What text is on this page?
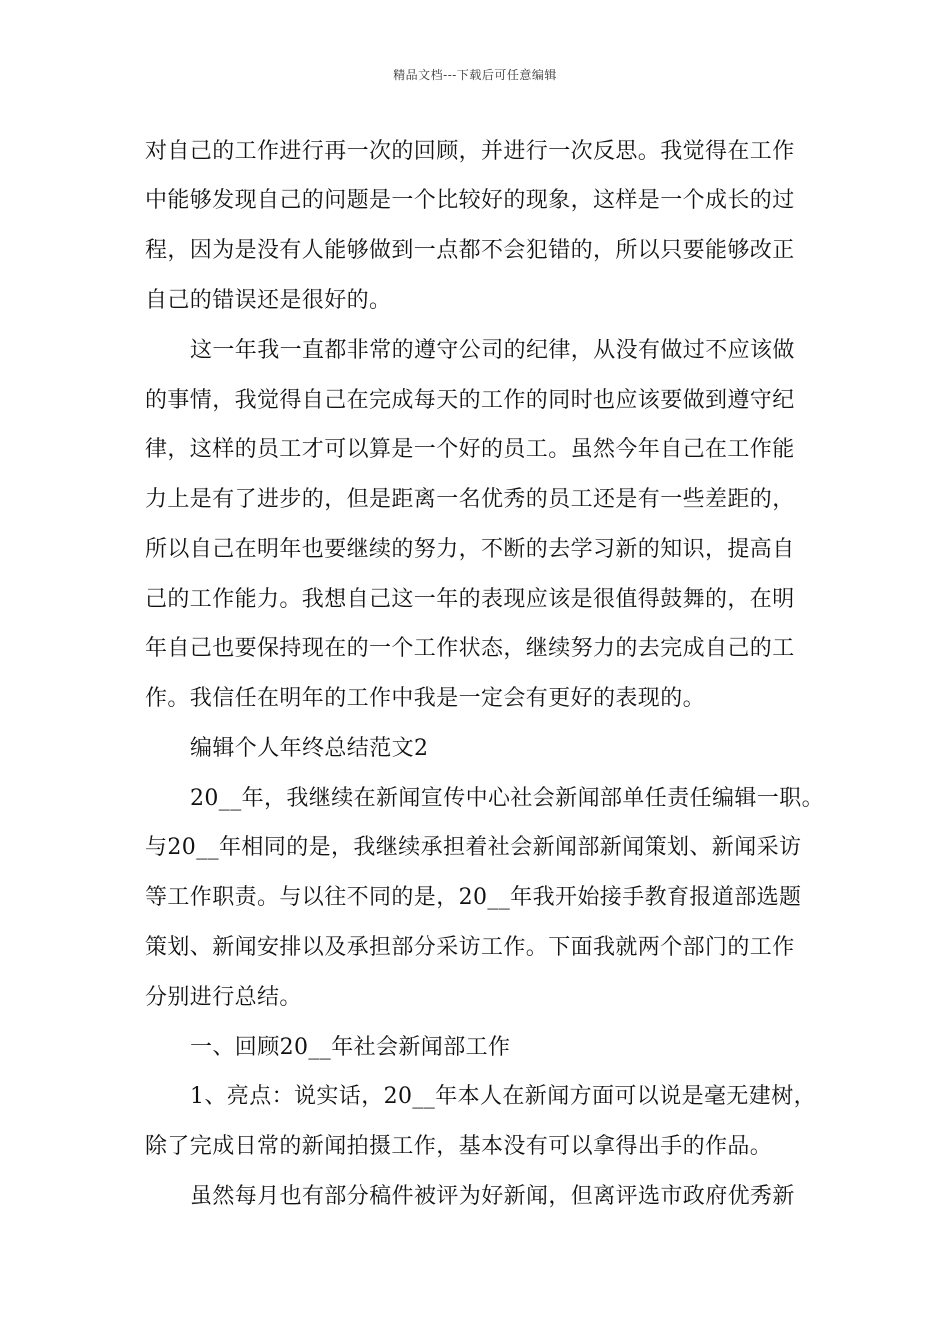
精品文档---下载后可任意编辑
对自己的工作进行再一次的回顾，并进行一次反思。我觉得在工作
中能够发现自己的问题是一个比较好的现象，这样是一个成长的过
程，因为是没有人能够做到一点都不会犯错的，所以只要能够改正
自己的错误还是很好的。
这一年我一直都非常的遵守公司的纪律，从没有做过不应该做
的事情，我觉得自己在完成每天的工作的同时也应该要做到遵守纪
律，这样的员工才可以算是一个好的员工。虽然今年自己在工作能
力上是有了进步的，但是距离一名优秀的员工还是有一些差距的，
所以自己在明年也要继续的努力，不断的去学习新的知识，提高自
己的工作能力。我想自己这一年的表现应该是很值得鼓舞的，在明
年自己也要保持现在的一个工作状态，继续努力的去完成自己的工
作。我信任在明年的工作中我是一定会有更好的表现的。
编辑个人年终总结范文2
20__年，我继续在新闻宣传中心社会新闻部单任责任编辑一职。
与20__年相同的是，我继续承担着社会新闻部新闻策划、新闻采访
等工作职责。与以往不同的是，20__年我开始接手教育报道部选题
策划、新闻安排以及承担部分采访工作。下面我就两个部门的工作
分别进行总结。
一、回顾20__年社会新闻部工作
1、亮点：说实话，20__年本人在新闻方面可以说是毫无建树，
除了完成日常的新闻拍摄工作，基本没有可以拿得出手的作品。
虽然每月也有部分稿件被评为好新闻，但离评选市政府优秀新
